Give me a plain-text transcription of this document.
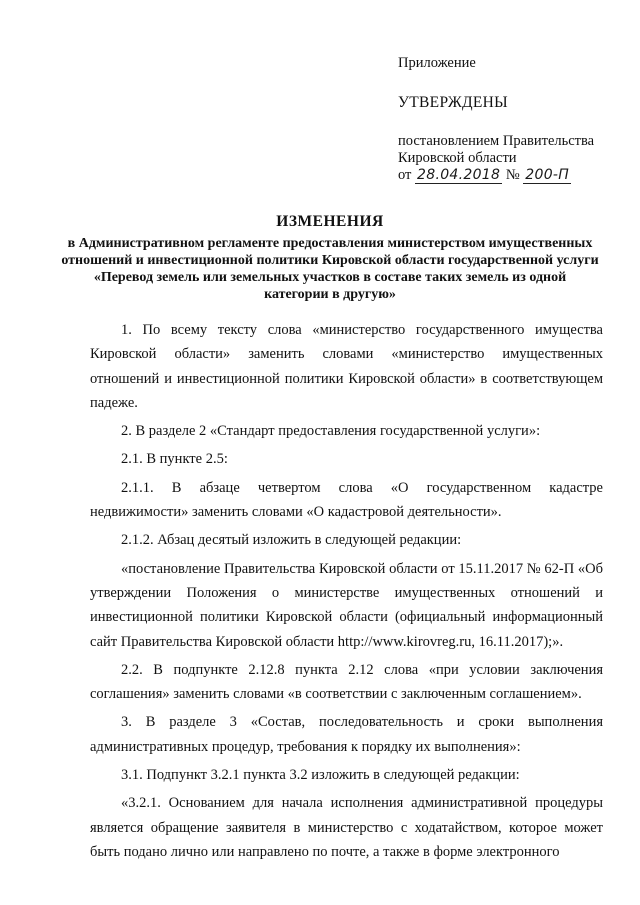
Приложение

УТВЕРЖДЕНЫ

постановлением Правительства

Кировской области

от 28.04.2018 № 200-П

ИЗМЕНЕНИЯ

в Административном регламенте предоставления министерством имущественных отношений и инвестиционной политики Кировской области государственной услуги «Перевод земель или земельных участков в составе таких земель из одной категории в другую»

1. По всему тексту слова «министерство государственного имущества Кировской области» заменить словами «министерство имущественных отношений и инвестиционной политики Кировской области» в соответствующем падеже.

2. В разделе 2 «Стандарт предоставления государственной услуги»:

2.1. В пункте 2.5:

2.1.1. В абзаце четвертом слова «О государственном кадастре недвижимости» заменить словами «О кадастровой деятельности».

2.1.2. Абзац десятый изложить в следующей редакции:

«постановление Правительства Кировской области от 15.11.2017 № 62-П «Об утверждении Положения о министерстве имущественных отношений и инвестиционной политики Кировской области (официальный информационный сайт Правительства Кировской области http://www.kirovreg.ru, 16.11.2017);».

2.2. В подпункте 2.12.8 пункта 2.12 слова «при условии заключения соглашения» заменить словами «в соответствии с заключенным соглашением».

3. В разделе 3 «Состав, последовательность и сроки выполнения административных процедур, требования к порядку их выполнения»:

3.1. Подпункт 3.2.1 пункта 3.2 изложить в следующей редакции:

«3.2.1. Основанием для начала исполнения административной процедуры является обращение заявителя в министерство с ходатайством, которое может быть подано лично или направлено по почте, а также в форме электронного
